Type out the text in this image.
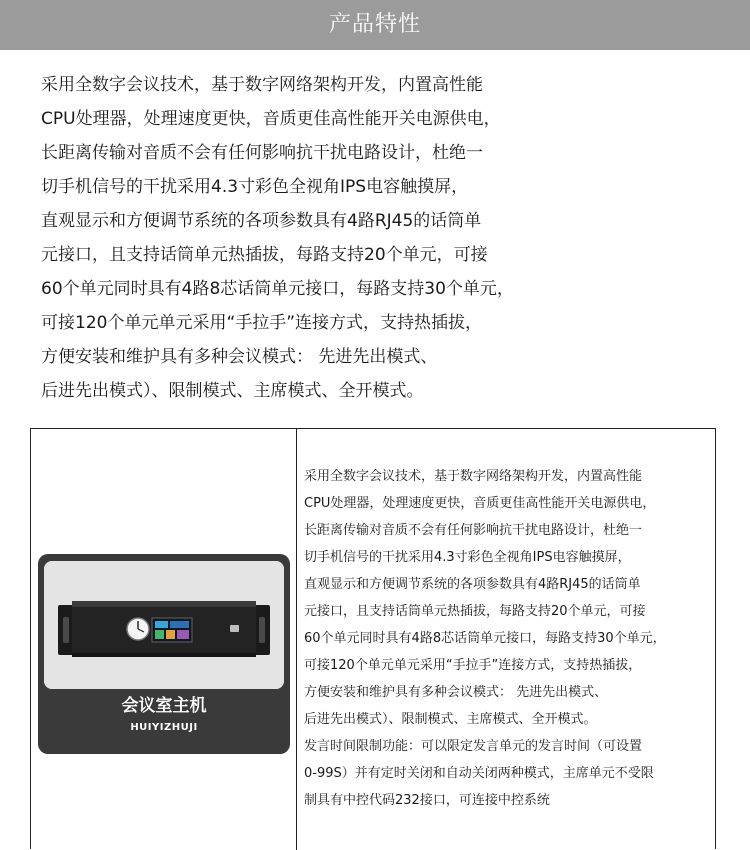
产品特性
采用全数字会议技术，基于数字网络架构开发，内置高性能
CPU处理器，处理速度更快，音质更佳高性能开关电源供电，
长距离传输对音质不会有任何影响抗干扰电路设计，杜绝一
切手机信号的干扰采用4.3寸彩色全视角IPS电容触摸屏，
直观显示和方便调节系统的各项参数具有4路RJ45的话筒单
元接口，且支持话筒单元热插拔，每路支持20个单元，可接
60个单元同时具有4路8芯话筒单元接口，每路支持30个单元，
可接120个单元单元采用“手拉手”连接方式，支持热插拔，
方便安装和维护具有多种会议模式： 先进先出模式、
后进先出模式）、限制模式、主席模式、全开模式。
会议室主机
HUIYIZHUJI
采用全数字会议技术，基于数字网络架构开发，内置高性能
CPU处理器，处理速度更快，音质更佳高性能开关电源供电，
长距离传输对音质不会有任何影响抗干扰电路设计，杜绝一
切手机信号的干扰采用4.3寸彩色全视角IPS电容触摸屏，
直观显示和方便调节系统的各项参数具有4路RJ45的话筒单
元接口，且支持话筒单元热插拔，每路支持20个单元，可接
60个单元同时具有4路8芯话筒单元接口，每路支持30个单元，
可接120个单元单元采用“手拉手”连接方式，支持热插拔，
方便安装和维护具有多种会议模式： 先进先出模式、
后进先出模式）、限制模式、主席模式、全开模式。
发言时间限制功能：可以限定发言单元的发言时间（可设置
0-99S）并有定时关闭和自动关闭两种模式，主席单元不受限
制具有中控代码232接口，可连接中控系统
